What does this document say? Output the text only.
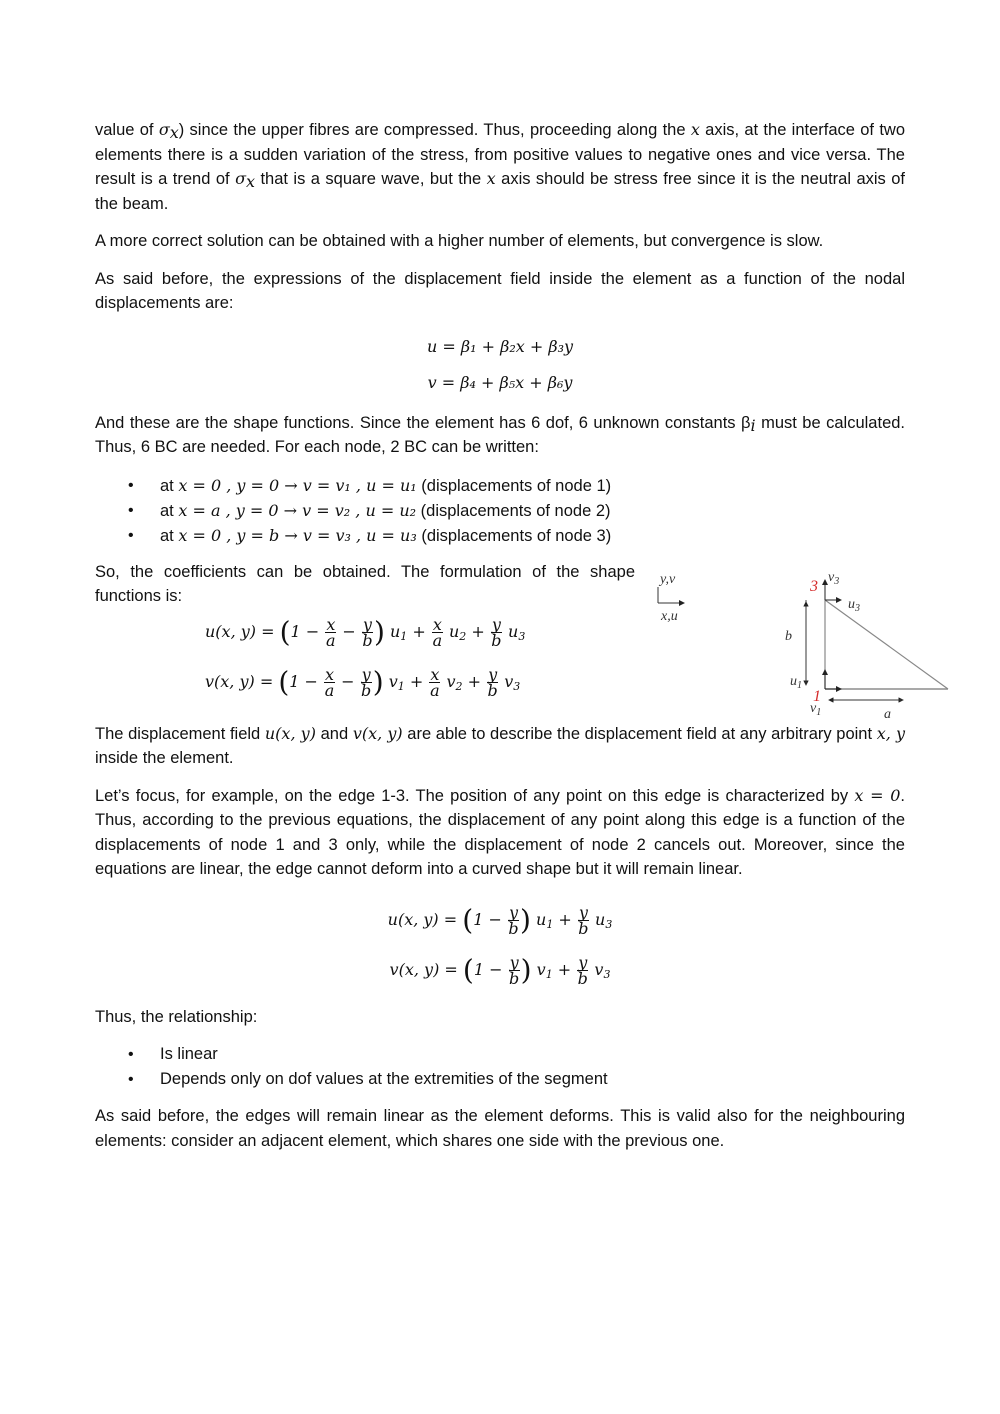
value of $\sigma_x$) since the upper fibres are compressed. Thus, proceeding along the x axis, at the interface of two elements there is a sudden variation of the stress, from positive values to negative ones and vice versa. The result is a trend of $\sigma_x$ that is a square wave, but the x axis should be stress free since it is the neutral axis of the beam.

A more correct solution can be obtained with a higher number of elements, but convergence is slow.

As said before, the expressions of the displacement field inside the element as a function of the nodal displacements are:

u = β₁ + β₂x + β₃y
v = β₄ + β₅x + β₆y

And these are the shape functions. Since the element has 6 dof, 6 unknown constants $\beta_i$ must be calculated. Thus, 6 BC are needed. For each node, 2 BC can be written:

• at x = 0 , y = 0 → v = v₁ , u = u₁ (displacements of node 1)
• at x = a , y = 0 → v = v₂ , u = u₂ (displacements of node 2)
• at x = 0 , y = b → v = v₃ , u = u₃ (displacements of node 3)
So, the coefficients can be obtained. The formulation of the shape functions is:
u(x, $y) = (1 - \frac{x}{a} - \frac{y}{b}$ ) $u_1 + \frac{x}{a} u_2 + \frac{y}{b} u_3$
v(x, $y) = (1 - \frac{x}{a} - \frac{y}{b}$ ) $v_1 + \frac{x}{a} v_2 + \frac{y}{b} v_3$
y,v
x,u
b
a
3
$v_3$
$u_3$
$u_1$
1
$v_1$

The displacement field u(x, y) and v(x, y) are able to describe the displacement field at any arbitrary point x, y inside the element.

Let’s focus, for example, on the edge 1-3. The position of any point on this edge is characterized by x = 0. Thus, according to the previous equations, the displacement of any point along this edge is a function of the displacements of node 1 and 3 only, while the displacement of node 2 cancels out. Moreover, since the equations are linear, the edge cannot deform into a curved shape but it will remain linear.

u(x, $y) = (1 - \frac{y}{b}$ ) $u_1 + \frac{y}{b} u_3$
v(x, $y) = (1 - \frac{y}{b}$ ) $v_1 + \frac{y}{b} v_3$

Thus, the relationship:

• Is linear
• Depends only on dof values at the extremities of the segment

As said before, the edges will remain linear as the element deforms. This is valid also for the neighbouring elements: consider an adjacent element, which shares one side with the previous one.
